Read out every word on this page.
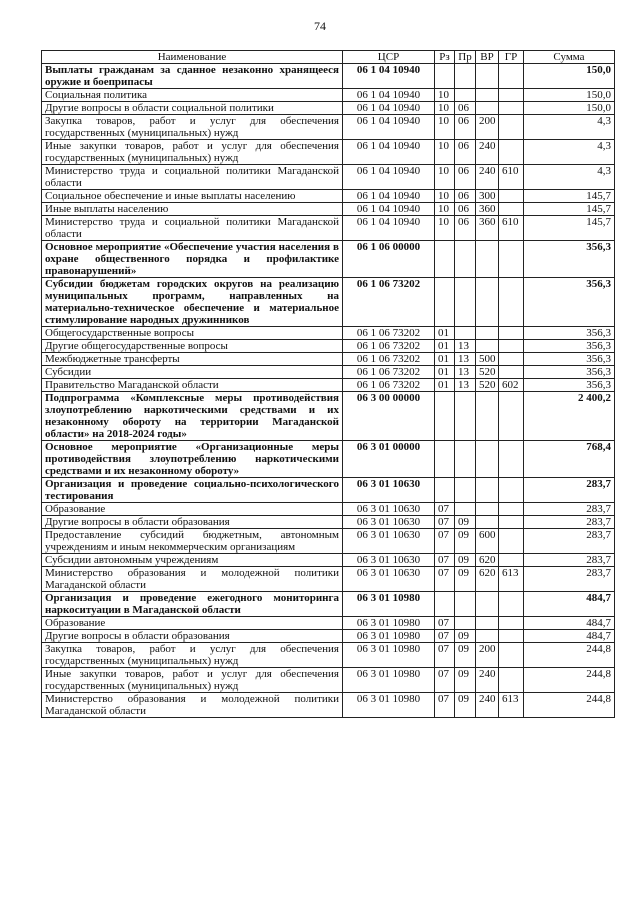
74
Наименование	ЦСР	Рз	Пр	ВР	ГР	Сумма
Выплаты гражданам за сданное незаконно хранящееся оружие и боеприпасы	06 1 04 10940					150,0
Социальная политика	06 1 04 10940	10				150,0
Другие вопросы в области социальной политики	06 1 04 10940	10	06			150,0
Закупка товаров, работ и услуг для обеспечения государственных (муниципальных) нужд	06 1 04 10940	10	06	200		4,3
Иные закупки товаров, работ и услуг для обеспечения государственных (муниципальных) нужд	06 1 04 10940	10	06	240		4,3
Министерство труда и социальной политики Магаданской области	06 1 04 10940	10	06	240	610	4,3
Социальное обеспечение и иные выплаты населению	06 1 04 10940	10	06	300		145,7
Иные выплаты населению	06 1 04 10940	10	06	360		145,7
Министерство труда и социальной политики Магаданской области	06 1 04 10940	10	06	360	610	145,7
Основное мероприятие «Обеспечение участия населения в охране общественного порядка и профилактике правонарушений»	06 1 06 00000					356,3
Субсидии бюджетам городских округов на реализацию муниципальных программ, направленных на материально-техническое обеспечение и материальное стимулирование народных дружинников	06 1 06 73202					356,3
Общегосударственные вопросы	06 1 06 73202	01				356,3
Другие общегосударственные вопросы	06 1 06 73202	01	13			356,3
Межбюджетные трансферты	06 1 06 73202	01	13	500		356,3
Субсидии	06 1 06 73202	01	13	520		356,3
Правительство Магаданской области	06 1 06 73202	01	13	520	602	356,3
Подпрограмма «Комплексные меры противодействия злоупотреблению наркотическими средствами и их незаконному обороту на территории Магаданской области» на 2018-2024 годы»	06 3 00 00000					2 400,2
Основное мероприятие «Организационные меры противодействия злоупотреблению наркотическими средствами и их незаконному обороту»	06 3 01 00000					768,4
Организация и проведение социально-психологического тестирования	06 3 01 10630					283,7
Образование	06 3 01 10630	07				283,7
Другие вопросы в области образования	06 3 01 10630	07	09			283,7
Предоставление субсидий бюджетным, автономным учреждениям и иным некоммерческим организациям	06 3 01 10630	07	09	600		283,7
Субсидии автономным учреждениям	06 3 01 10630	07	09	620		283,7
Министерство образования и молодежной политики Магаданской области	06 3 01 10630	07	09	620	613	283,7
Организация и проведение ежегодного мониторинга наркоситуации в Магаданской области	06 3 01 10980					484,7
Образование	06 3 01 10980	07				484,7
Другие вопросы в области образования	06 3 01 10980	07	09			484,7
Закупка товаров, работ и услуг для обеспечения государственных (муниципальных) нужд	06 3 01 10980	07	09	200		244,8
Иные закупки товаров, работ и услуг для обеспечения государственных (муниципальных) нужд	06 3 01 10980	07	09	240		244,8
Министерство образования и молодежной политики Магаданской области	06 3 01 10980	07	09	240	613	244,8
